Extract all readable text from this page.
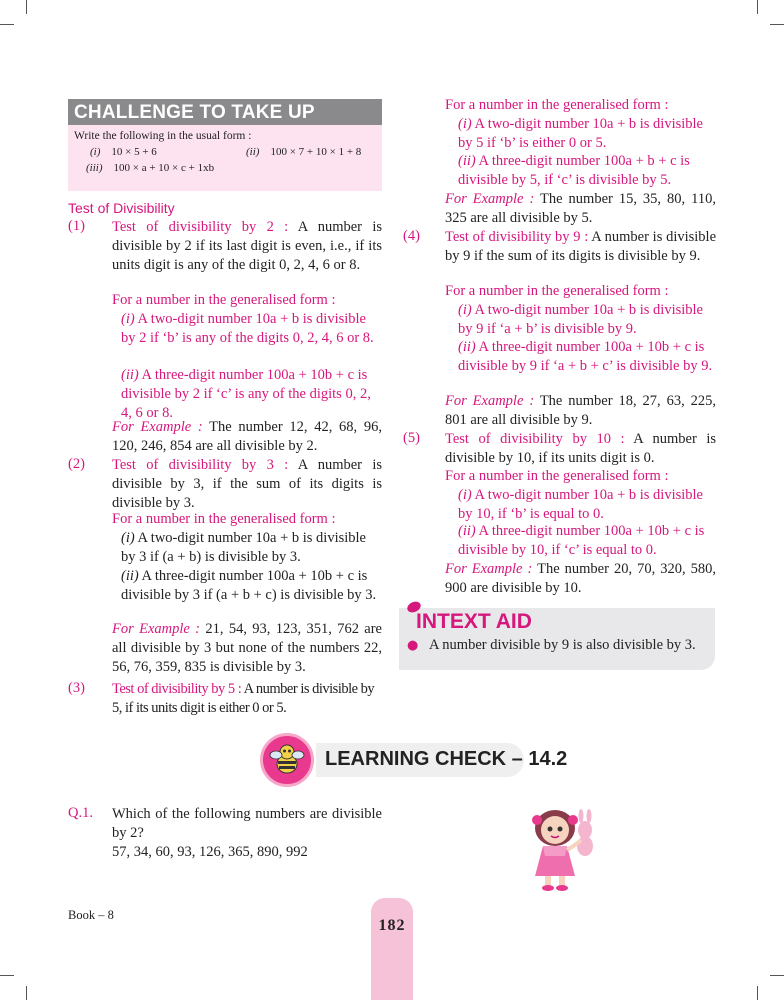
CHALLENGE TO TAKE UP
Write the following in the usual form :
(i) 10 × 5 + 6	(ii) 100 × 7 + 10 × 1 + 8
(iii) 100 × a + 10 × c + 1xb
Test of Divisibility
(1) Test of divisibility by 2 : A number is divisible by 2 if its last digit is even, i.e., if its units digit is any of the digit 0, 2, 4, 6 or 8.
For a number in the generalised form :
(i) A two-digit number 10a + b is divisible by 2 if ‘b’ is any of the digits 0, 2, 4, 6 or 8.
(ii) A three-digit number 100a + 10b + c is divisible by 2 if ‘c’ is any of the digits 0, 2, 4, 6 or 8.
For Example : The number 12, 42, 68, 96, 120, 246, 854 are all divisible by 2.
(2) Test of divisibility by 3 : A number is divisible by 3, if the sum of its digits is divisible by 3.
For a number in the generalised form :
(i) A two-digit number 10a + b is divisible by 3 if (a + b) is divisible by 3.
(ii) A three-digit number 100a + 10b + c is divisible by 3 if (a + b + c) is divisible by 3.
For Example : 21, 54, 93, 123, 351, 762 are all divisible by 3 but none of the numbers 22, 56, 76, 359, 835 is divisible by 3.
(3) Test of divisibility by 5 : A number is divisible by 5, if its units digit is either 0 or 5.
For a number in the generalised form :
(i) A two-digit number 10a + b is divisible by 5 if ‘b’ is either 0 or 5.
(ii) A three-digit number 100a + b + c is divisible by 5, if ‘c’ is divisible by 5.
For Example : The number 15, 35, 80, 110, 325 are all divisible by 5.
(4) Test of divisibility by 9 : A number is divisible by 9 if the sum of its digits is divisible by 9.
For a number in the generalised form :
(i) A two-digit number 10a + b is divisible by 9 if ‘a + b’ is divisible by 9.
(ii) A three-digit number 100a + 10b + c is divisible by 9 if ‘a + b + c’ is divisible by 9.
For Example : The number 18, 27, 63, 225, 801 are all divisible by 9.
(5) Test of divisibility by 10 : A number is divisible by 10, if its units digit is 0.
For a number in the generalised form :
(i) A two-digit number 10a + b is divisible by 10, if ‘b’ is equal to 0.
(ii) A three-digit number 100a + 10b + c is divisible by 10, if ‘c’ is equal to 0.
For Example : The number 20, 70, 320, 580, 900 are divisible by 10.
INTEXT AID
● A number divisible by 9 is also divisible by 3.
LEARNING CHECK – 14.2
Q.1. Which of the following numbers are divisible by 2?
57, 34, 60, 93, 126, 365, 890, 992
Book – 8
182
